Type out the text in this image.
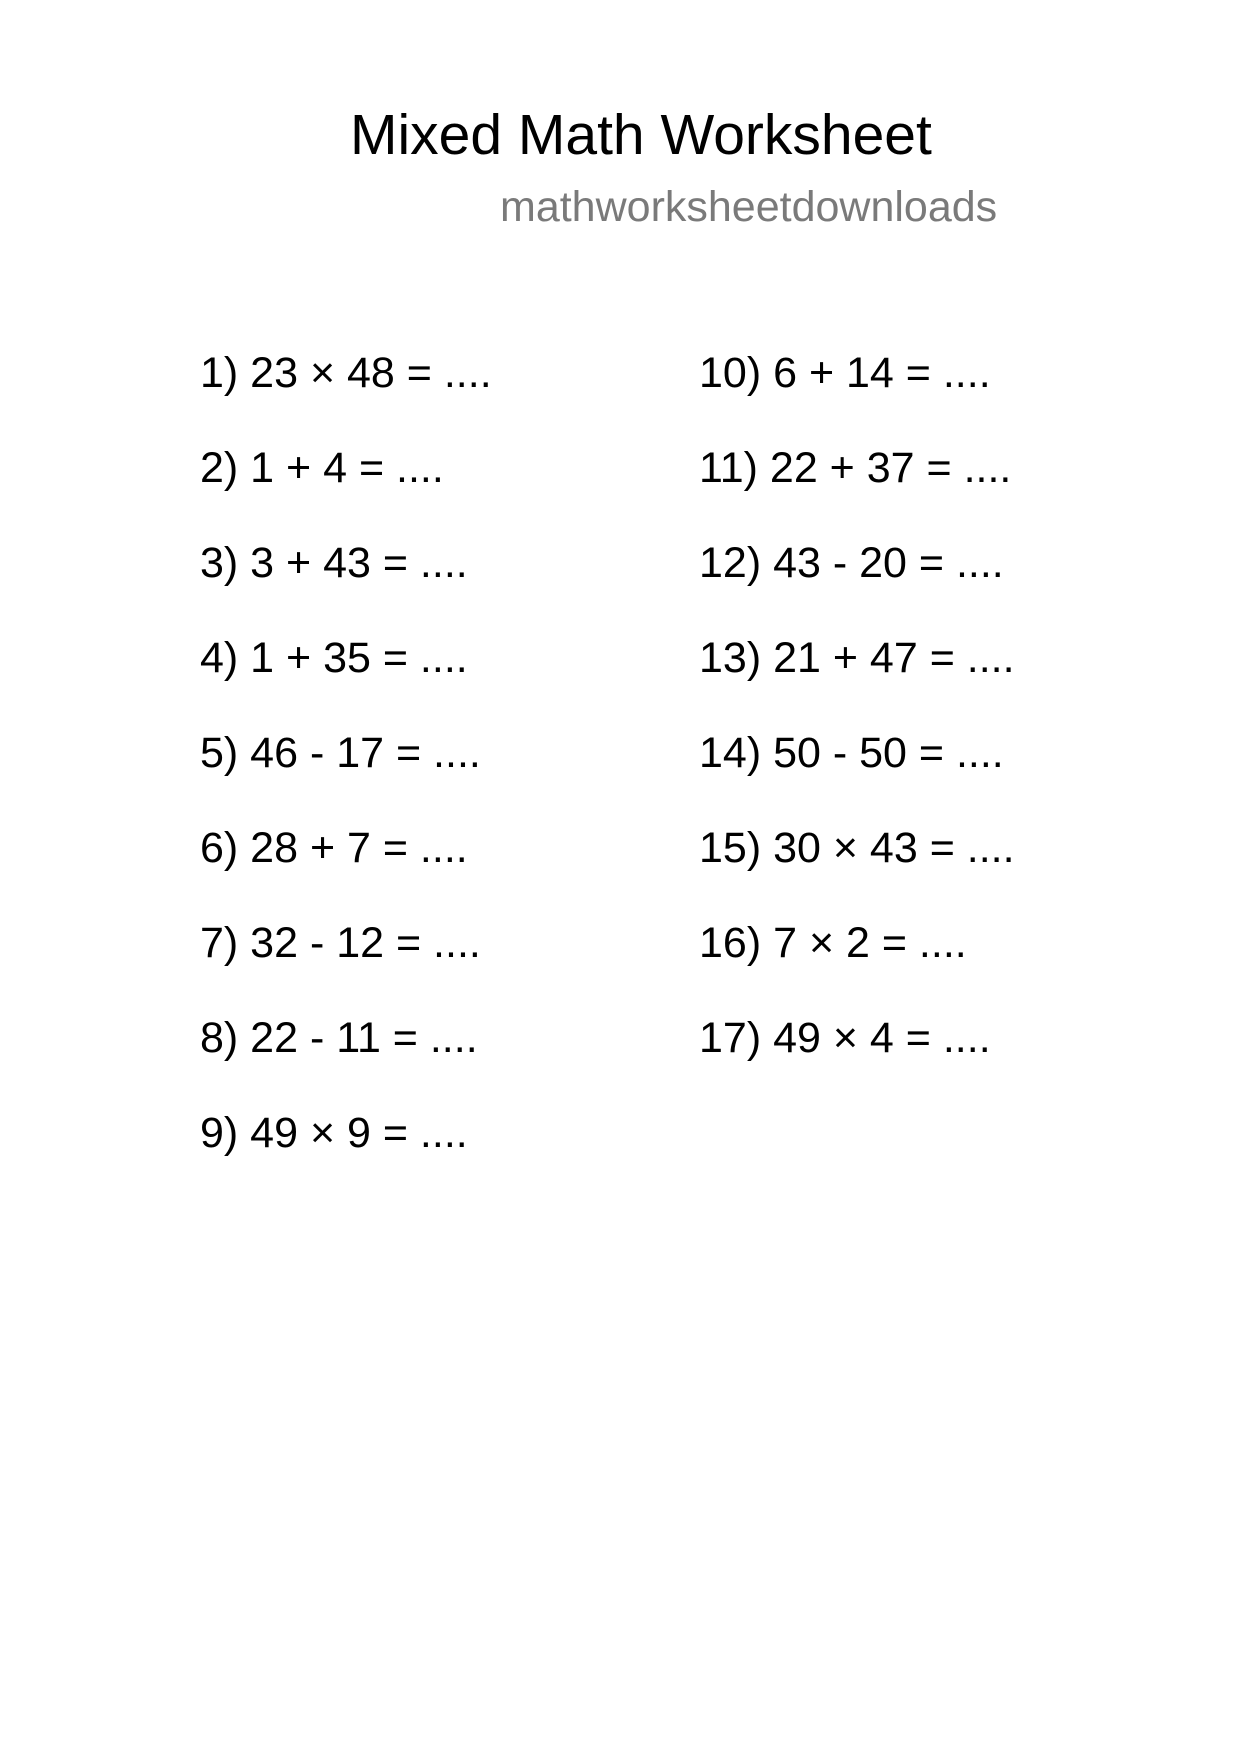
Mixed Math Worksheet
mathworksheetdownloads
1) 23 × 48 = ....
2) 1 + 4 = ....
3) 3 + 43 = ....
4) 1 + 35 = ....
5) 46 - 17 = ....
6) 28 + 7 = ....
7) 32 - 12 = ....
8) 22 - 11 = ....
9) 49 × 9 = ....
10) 6 + 14 = ....
11) 22 + 37 = ....
12) 43 - 20 = ....
13) 21 + 47 = ....
14) 50 - 50 = ....
15) 30 × 43 = ....
16) 7 × 2 = ....
17) 49 × 4 = ....
